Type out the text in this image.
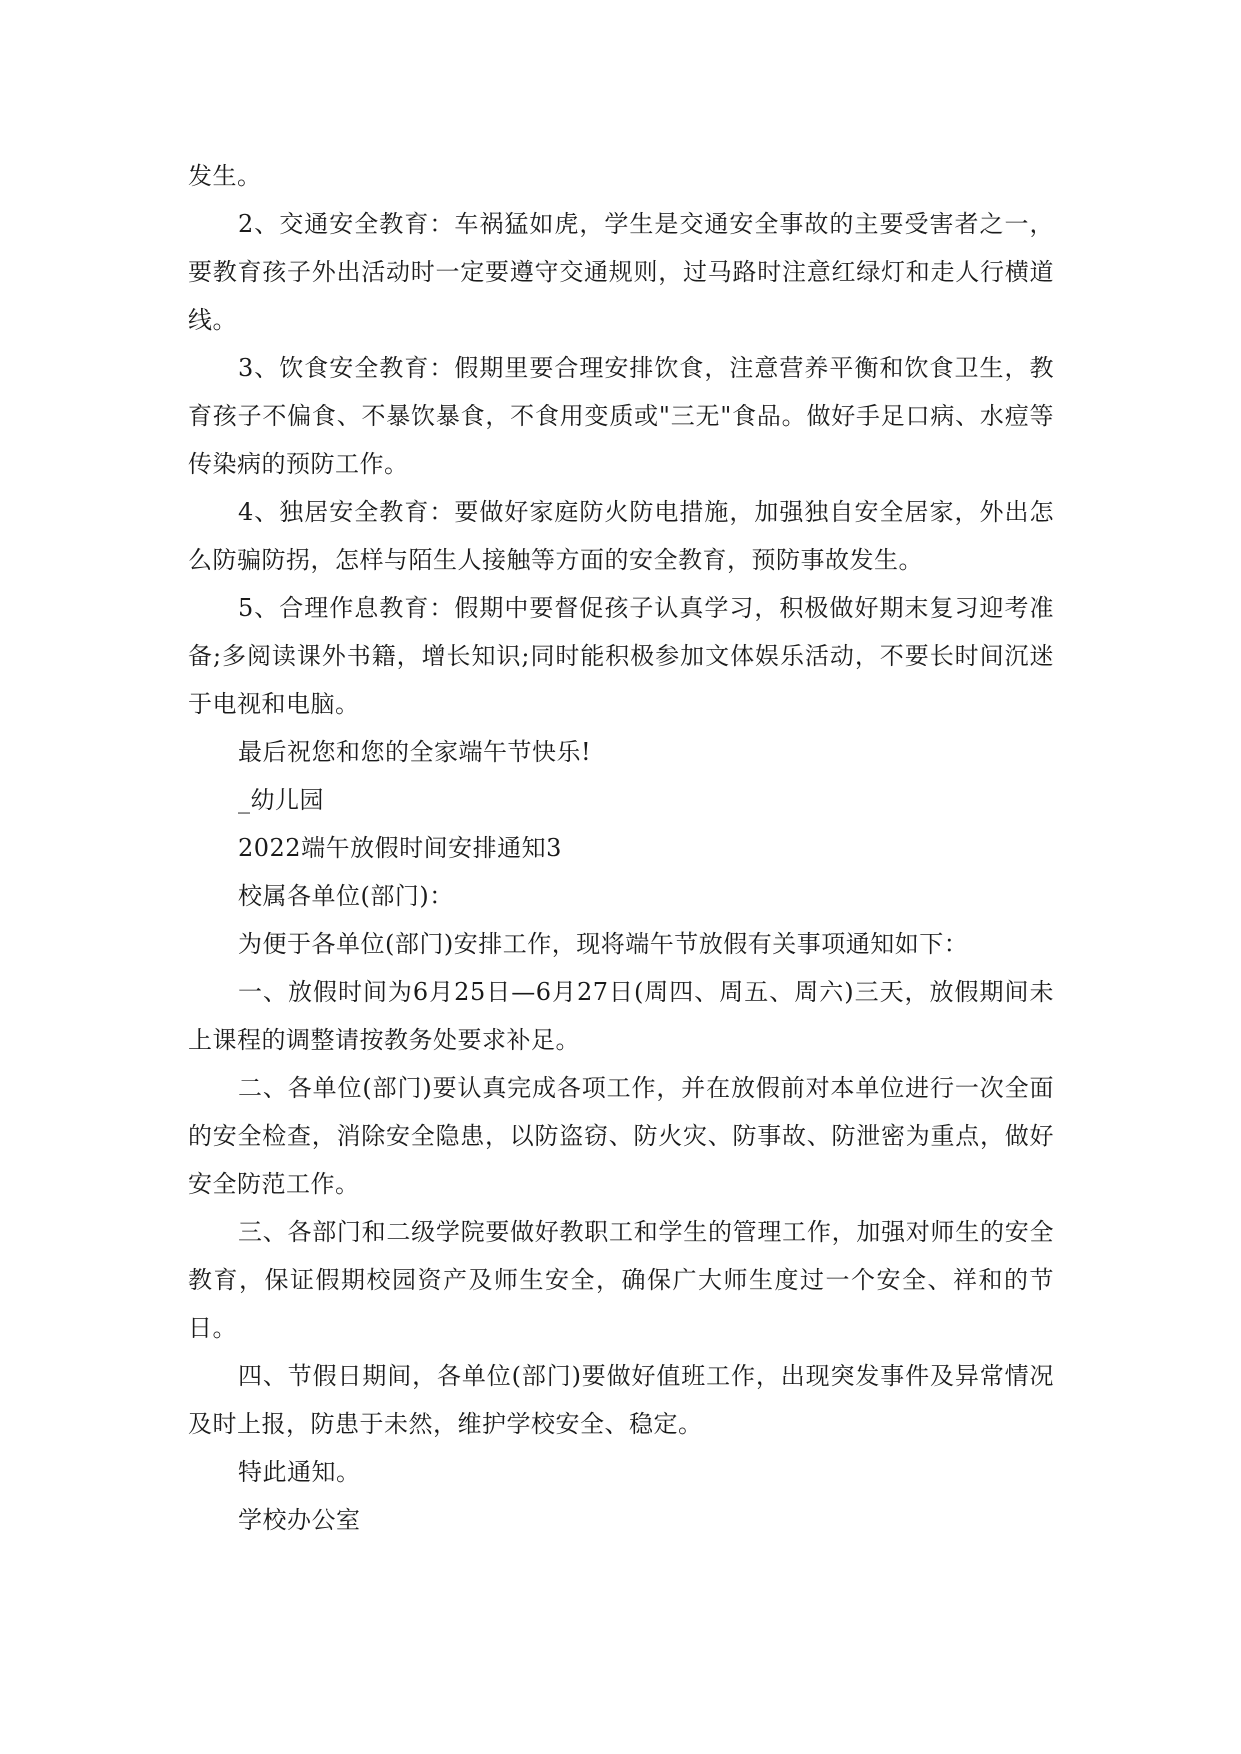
发生。

2、交通安全教育：车祸猛如虎，学生是交通安全事故的主要受害者之一，要教育孩子外出活动时一定要遵守交通规则，过马路时注意红绿灯和走人行横道线。

3、饮食安全教育：假期里要合理安排饮食，注意营养平衡和饮食卫生，教育孩子不偏食、不暴饮暴食，不食用变质或"三无"食品。做好手足口病、水痘等传染病的预防工作。

4、独居安全教育：要做好家庭防火防电措施，加强独自安全居家，外出怎么防骗防拐，怎样与陌生人接触等方面的安全教育，预防事故发生。

5、合理作息教育：假期中要督促孩子认真学习，积极做好期末复习迎考准备;多阅读课外书籍，增长知识;同时能积极参加文体娱乐活动，不要长时间沉迷于电视和电脑。

最后祝您和您的全家端午节快乐!

_幼儿园

2022端午放假时间安排通知3

校属各单位(部门)：

为便于各单位(部门)安排工作，现将端午节放假有关事项通知如下：

一、放假时间为6月25日—6月27日(周四、周五、周六)三天，放假期间未上课程的调整请按教务处要求补足。

二、各单位(部门)要认真完成各项工作，并在放假前对本单位进行一次全面的安全检查，消除安全隐患，以防盗窃、防火灾、防事故、防泄密为重点，做好安全防范工作。

三、各部门和二级学院要做好教职工和学生的管理工作，加强对师生的安全教育，保证假期校园资产及师生安全，确保广大师生度过一个安全、祥和的节日。

四、节假日期间，各单位(部门)要做好值班工作，出现突发事件及异常情况及时上报，防患于未然，维护学校安全、稳定。

特此通知。

学校办公室
